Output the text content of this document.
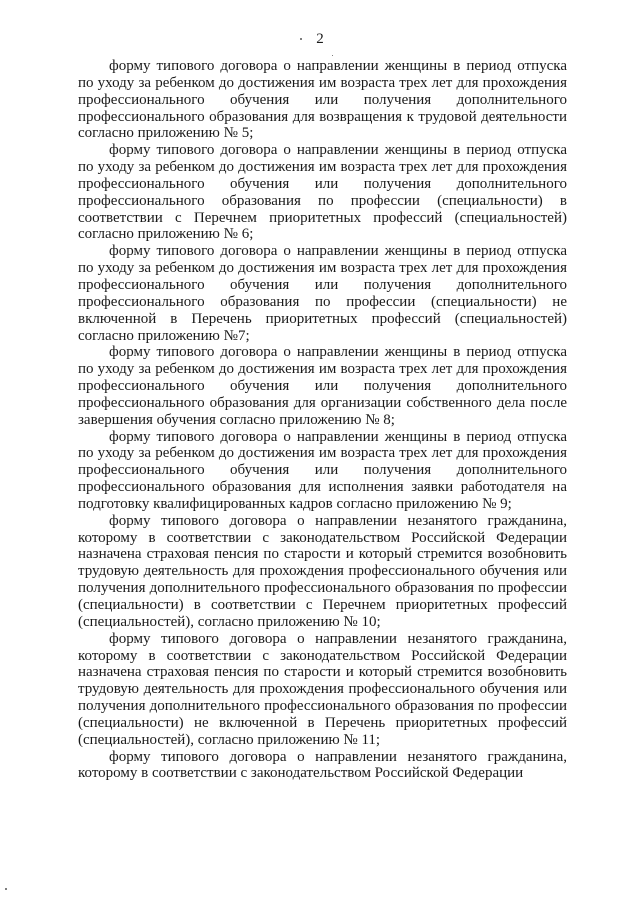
2

форму типового договора о направлении женщины в период отпуска по уходу за ребенком до достижения им возраста трех лет для прохождения профессионального обучения или получения дополнительного профессионального образования для возвращения к трудовой деятельности согласно приложению № 5;

форму типового договора о направлении женщины в период отпуска по уходу за ребенком до достижения им возраста трех лет для прохождения профессионального обучения или получения дополнительного профессионального образования по профессии (специальности) в соответствии с Перечнем приоритетных профессий (специальностей) согласно приложению № 6;

форму типового договора о направлении женщины в период отпуска по уходу за ребенком до достижения им возраста трех лет для прохождения профессионального обучения или получения дополнительного профессионального образования по профессии (специальности) не включенной в Перечень приоритетных профессий (специальностей) согласно приложению №7;

форму типового договора о направлении женщины в период отпуска по уходу за ребенком до достижения им возраста трех лет для прохождения профессионального обучения или получения дополнительного профессионального образования для организации собственного дела после завершения обучения согласно приложению № 8;

форму типового договора о направлении женщины в период отпуска по уходу за ребенком до достижения им возраста трех лет для прохождения профессионального обучения или получения дополнительного профессионального образования для исполнения заявки работодателя на подготовку квалифицированных кадров согласно приложению № 9;

форму типового договора о направлении незанятого гражданина, которому в соответствии с законодательством Российской Федерации назначена страховая пенсия по старости и который стремится возобновить трудовую деятельность для прохождения профессионального обучения или получения дополнительного профессионального образования по профессии (специальности) в соответствии с Перечнем приоритетных профессий (специальностей), согласно приложению № 10;

форму типового договора о направлении незанятого гражданина, которому в соответствии с законодательством Российской Федерации назначена страховая пенсия по старости и который стремится возобновить трудовую деятельность для прохождения профессионального обучения или получения дополнительного профессионального образования по профессии (специальности) не включенной в Перечень приоритетных профессий (специальностей), согласно приложению № 11;

форму типового договора о направлении незанятого гражданина, которому в соответствии с законодательством Российской Федерации
